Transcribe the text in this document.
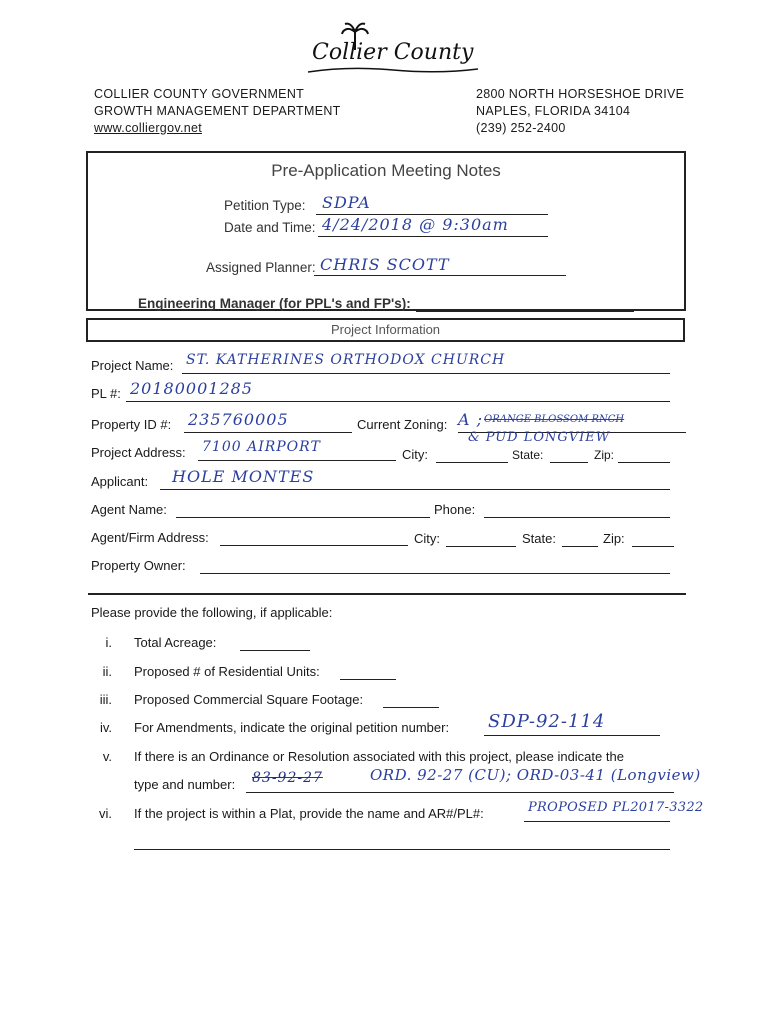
Collier County
COLLIER COUNTY GOVERNMENT
GROWTH MANAGEMENT DEPARTMENT
www.colliergov.net
2800 NORTH HORSESHOE DRIVE
NAPLES, FLORIDA 34104
(239) 252-2400
Pre-Application Meeting Notes
Petition Type: SDPA
Date and Time: 4/24/2018 @ 9:30am
Assigned Planner: CHRIS SCOTT
Engineering Manager (for PPL's and FP's):
Project Information
Project Name: ST. KATHERINES ORTHODOX CHURCH
PL #: 20180001285
Property ID #: 235760005	Current Zoning: A ; ORANGE BLOSSOM RNCH
& PUD LONGVIEW
Project Address: 7100 AIRPORT	City:	State:	Zip:
Applicant: HOLE MONTES
Agent Name:	Phone:
Agent/Firm Address:	City:	State:	Zip:
Property Owner:
Please provide the following, if applicable:
i. Total Acreage:
ii. Proposed # of Residential Units:
iii. Proposed Commercial Square Footage:
iv. For Amendments, indicate the original petition number: SDP-92-114
v. If there is an Ordinance or Resolution associated with this project, please indicate the
type and number: 83-92-27	ORD. 92-27 (CU); ORD-03-41 (Longview)
vi. If the project is within a Plat, provide the name and AR#/PL#:	PROPOSED PL2017-3322
